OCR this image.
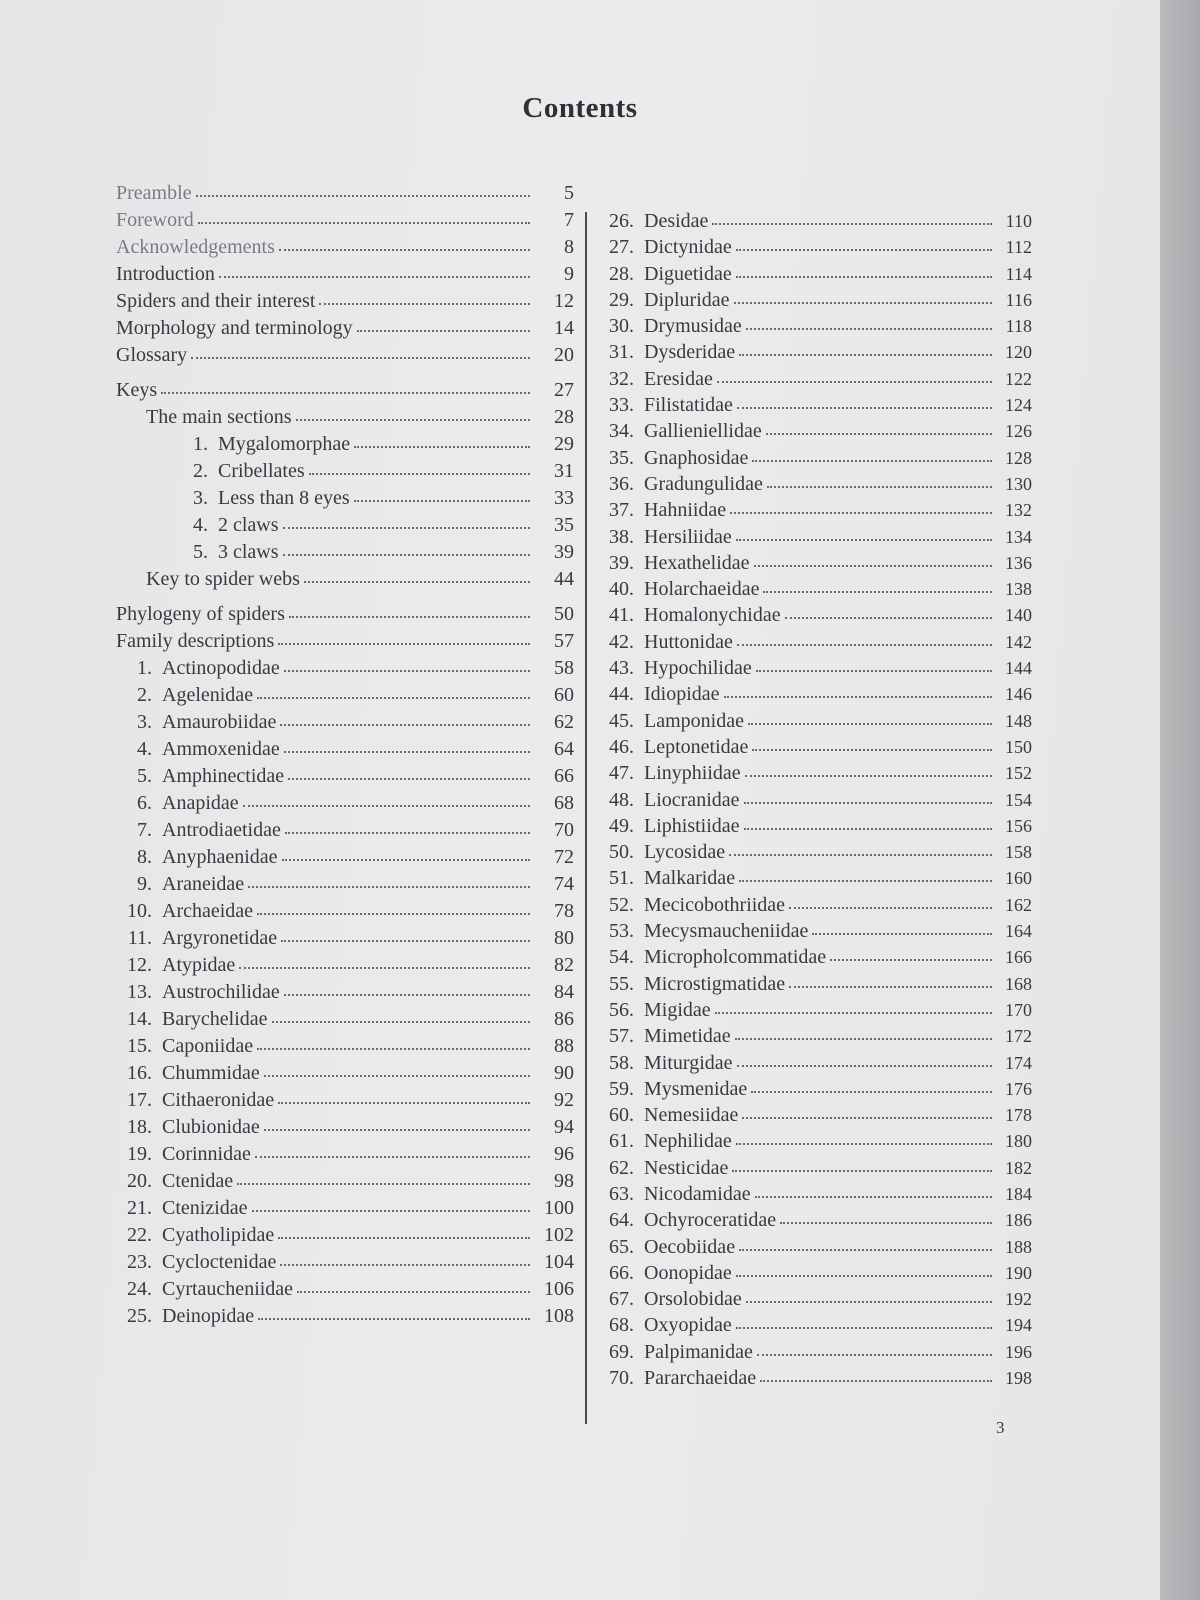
Contents
Preamble	5
Foreword	7
Acknowledgements	8
Introduction	9
Spiders and their interest	12
Morphology and terminology	14
Glossary	20
Keys	27
The main sections	28
1. Mygalomorphae	29
2. Cribellates	31
3. Less than 8 eyes	33
4. 2 claws	35
5. 3 claws	39
Key to spider webs	44
Phylogeny of spiders	50
Family descriptions	57
1. Actinopodidae	58
2. Agelenidae	60
3. Amaurobiidae	62
4. Ammoxenidae	64
5. Amphinectidae	66
6. Anapidae	68
7. Antrodiaetidae	70
8. Anyphaenidae	72
9. Araneidae	74
10. Archaeidae	78
11. Argyronetidae	80
12. Atypidae	82
13. Austrochilidae	84
14. Barychelidae	86
15. Caponiidae	88
16. Chummidae	90
17. Cithaeronidae	92
18. Clubionidae	94
19. Corinnidae	96
20. Ctenidae	98
21. Ctenizidae	100
22. Cyatholipidae	102
23. Cycloctenidae	104
24. Cyrtaucheniidae	106
25. Deinopidae	108
26. Desidae	110
27. Dictynidae	112
28. Diguetidae	114
29. Dipluridae	116
30. Drymusidae	118
31. Dysderidae	120
32. Eresidae	122
33. Filistatidae	124
34. Gallieniellidae	126
35. Gnaphosidae	128
36. Gradungulidae	130
37. Hahniidae	132
38. Hersiliidae	134
39. Hexathelidae	136
40. Holarchaeidae	138
41. Homalonychidae	140
42. Huttonidae	142
43. Hypochilidae	144
44. Idiopidae	146
45. Lamponidae	148
46. Leptonetidae	150
47. Linyphiidae	152
48. Liocranidae	154
49. Liphistiidae	156
50. Lycosidae	158
51. Malkaridae	160
52. Mecicobothriidae	162
53. Mecysmaucheniidae	164
54. Micropholcommatidae	166
55. Microstigmatidae	168
56. Migidae	170
57. Mimetidae	172
58. Miturgidae	174
59. Mysmenidae	176
60. Nemesiidae	178
61. Nephilidae	180
62. Nesticidae	182
63. Nicodamidae	184
64. Ochyroceratidae	186
65. Oecobiidae	188
66. Oonopidae	190
67. Orsolobidae	192
68. Oxyopidae	194
69. Palpimanidae	196
70. Pararchaeidae	198
3
